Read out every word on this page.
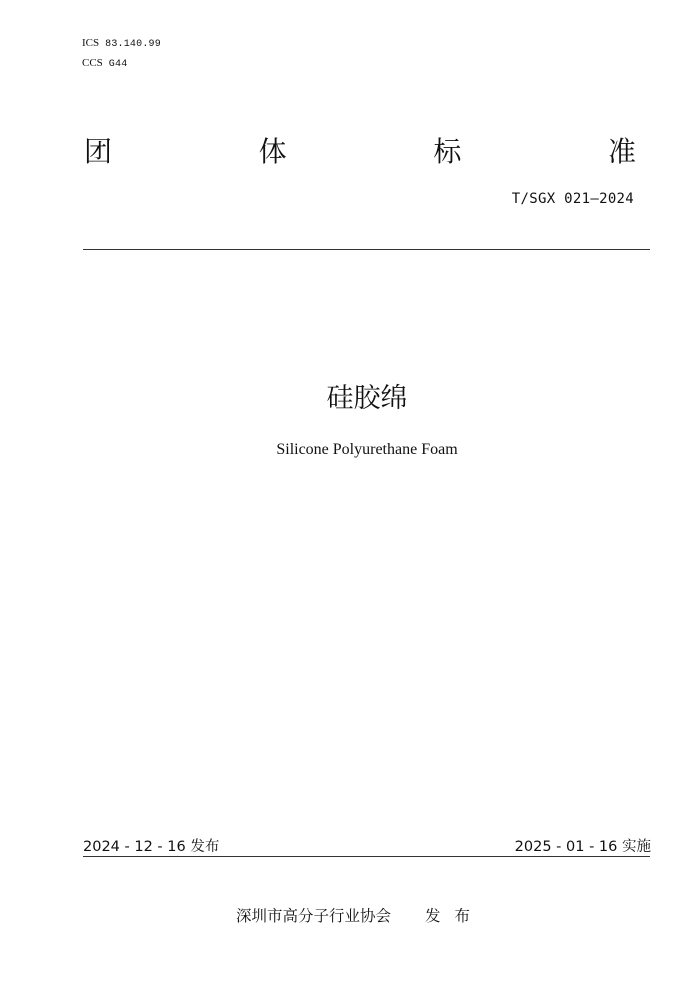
ICS 83.140.99
CCS G44
团	体	标	准
T/SGX 021—2024
硅胶绵
Silicone Polyurethane Foam
2024 - 12 - 16 发布	2025 - 01 - 16 实施
深圳市高分子行业协会 发布
